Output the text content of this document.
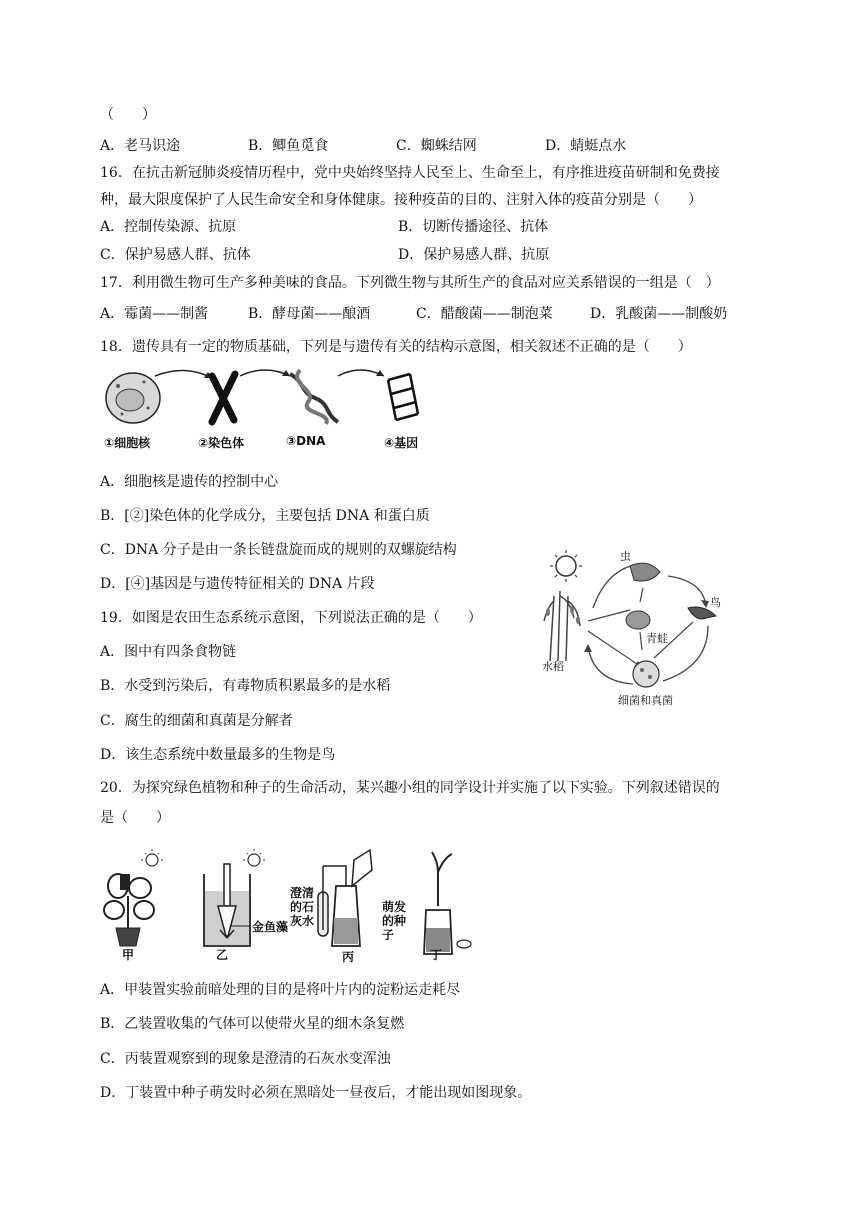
（　　）
A．老马识途	B．鲫鱼觅食	C．蜘蛛结网	D．蜻蜓点水
16．在抗击新冠肺炎疫情历程中，党中央始终坚持人民至上、生命至上，有序推进疫苗研制和免费接
种，最大限度保护了人民生命安全和身体健康。接种疫苗的目的、注射入体的疫苗分别是（　　）
A．控制传染源、抗原	B．切断传播途径、抗体
C．保护易感人群、抗体	D．保护易感人群、抗原
17．利用微生物可生产多种美味的食品。下列微生物与其所生产的食品对应关系错误的一组是（　）
A．霉菌——制酱	B．酵母菌——酿酒	C．醋酸菌——制泡菜	D．乳酸菌——制酸奶
18．遗传具有一定的物质基础，下列是与遗传有关的结构示意图，相关叙述不正确的是（　　）
①细胞核	②染色体	③DNA	④基因
A．细胞核是遗传的控制中心
B．[②]染色体的化学成分，主要包括 DNA 和蛋白质
C．DNA 分子是由一条长链盘旋而成的规则的双螺旋结构
D．[④]基因是与遗传特征相关的 DNA 片段
19．如图是农田生态系统示意图，下列说法正确的是（　　）
A．图中有四条食物链
B．水受到污染后，有毒物质积累最多的是水稻
C．腐生的细菌和真菌是分解者
D．该生态系统中数量最多的生物是鸟
虫
鸟
青蛙
水稻
细菌和真菌
20．为探究绿色植物和种子的生命活动，某兴趣小组的同学设计并实施了以下实验。下列叙述错误的
是（　　）
甲	乙
金鱼藻
澄清的石灰水
丙
萌发的种子
丁
A．甲装置实验前暗处理的目的是将叶片内的淀粉运走耗尽
B．乙装置收集的气体可以使带火星的细木条复燃
C．丙装置观察到的现象是澄清的石灰水变浑浊
D．丁装置中种子萌发时必须在黑暗处一昼夜后，才能出现如图现象。
